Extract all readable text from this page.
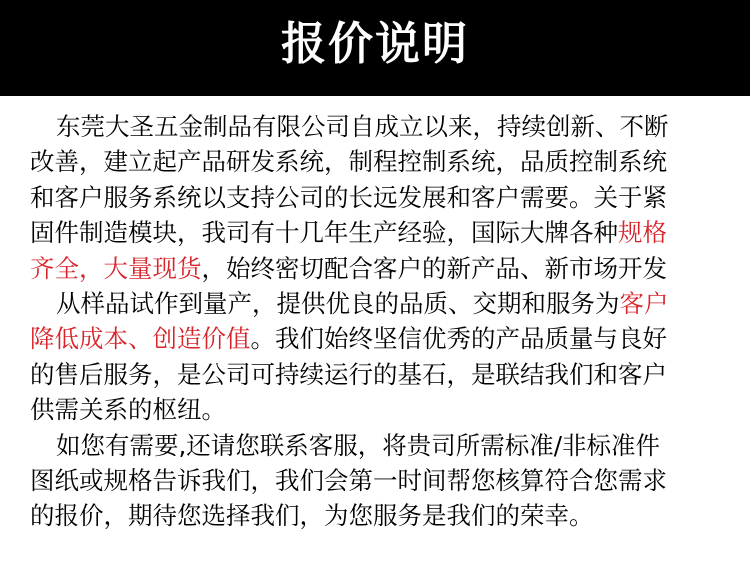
报价说明
东莞大圣五金制品有限公司自成立以来，持续创新、不断
改善，建立起产品研发系统，制程控制系统，品质控制系统
和客户服务系统以支持公司的长远发展和客户需要。关于紧
固件制造模块，我司有十几年生产经验，国际大牌各种规格
齐全，大量现货，始终密切配合客户的新产品、新市场开发
从样品试作到量产，提供优良的品质、交期和服务为客户
降低成本、创造价值。我们始终坚信优秀的产品质量与良好
的售后服务，是公司可持续运行的基石，是联结我们和客户
供需关系的枢纽。
如您有需要,还请您联系客服，将贵司所需标准/非标准件
图纸或规格告诉我们，我们会第一时间帮您核算符合您需求
的报价，期待您选择我们，为您服务是我们的荣幸。
